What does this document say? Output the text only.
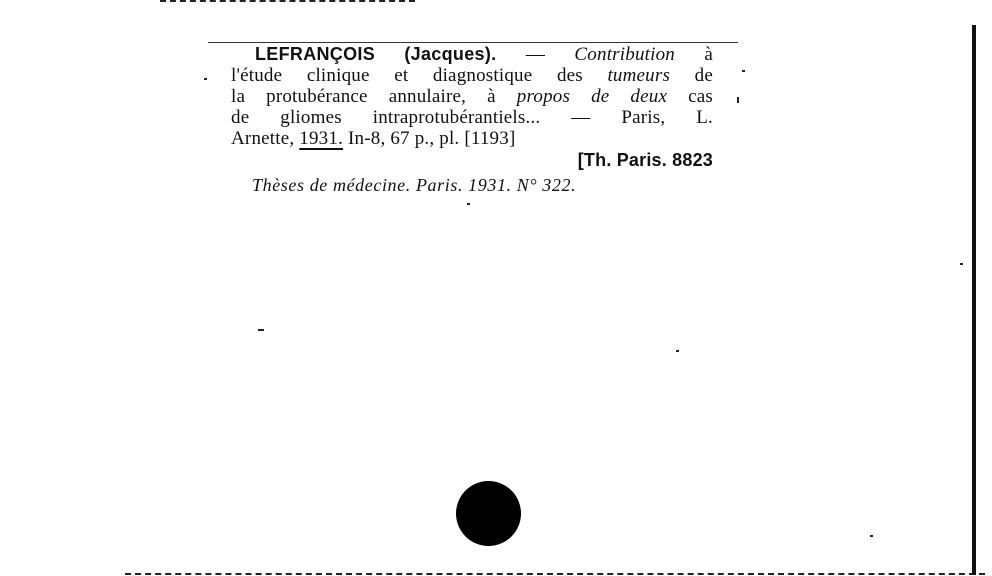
LEFRANÇOIS (Jacques). — Contribution à
l'étude clinique et diagnostique des tumeurs de
la protubérance annulaire, à propos de deux cas
de gliomes intraprotubérantiels... — Paris, L.
Arnette, 1931. In-8, 67 p., pl. [1193]
[Th. Paris. 8823
Thèses de médecine. Paris. 1931. N° 322.
